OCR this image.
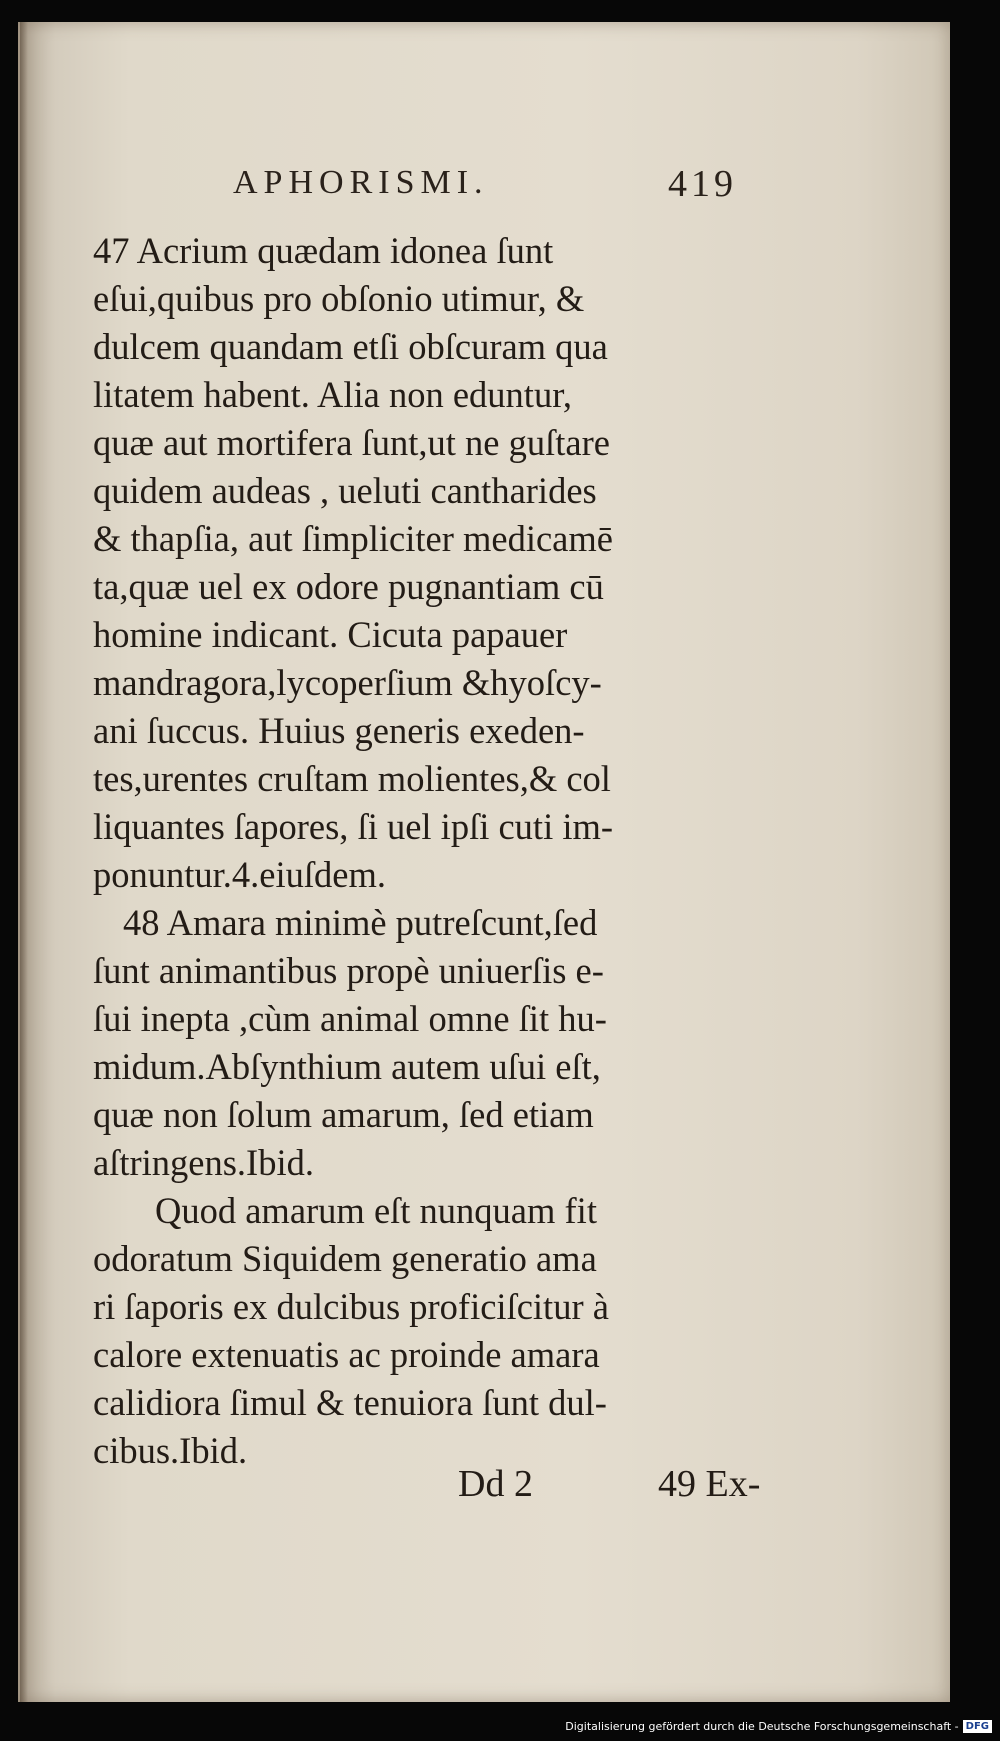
APHORISMI.	419
47 Acrium quædam idonea ſunt
eſui,quibus pro obſonio utimur, &
dulcem quandam etſi obſcuram qua
litatem habent. Alia non eduntur,
quæ aut mortifera ſunt,ut ne guſtare
quidem audeas , ueluti cantharides
& thapſia, aut ſimpliciter medicamē
ta,quæ uel ex odore pugnantiam cū
homine indicant. Cicuta papauer
mandragora,lycoperſium &hyoſcy-
ani ſuccus. Huius generis exeden-
tes,urentes cruſtam molientes,& col
liquantes ſapores, ſi uel ipſi cuti im-
ponuntur.4.eiuſdem.
48 Amara minimè putreſcunt,ſed
ſunt animantibus propè uniuerſis e-
ſui inepta ,cùm animal omne ſit hu-
midum.Abſynthium autem uſui eſt,
quæ non ſolum amarum, ſed etiam
aſtringens.Ibid.
Quod amarum eſt nunquam fit
odoratum Siquidem generatio ama
ri ſaporis ex dulcibus proficiſcitur à
calore extenuatis ac proinde amara
calidiora ſimul & tenuiora ſunt dul-
cibus.Ibid.
Dd 2	49 Ex-
Digitalisierung gefördert durch die Deutsche Forschungsgemeinschaft - DFG
